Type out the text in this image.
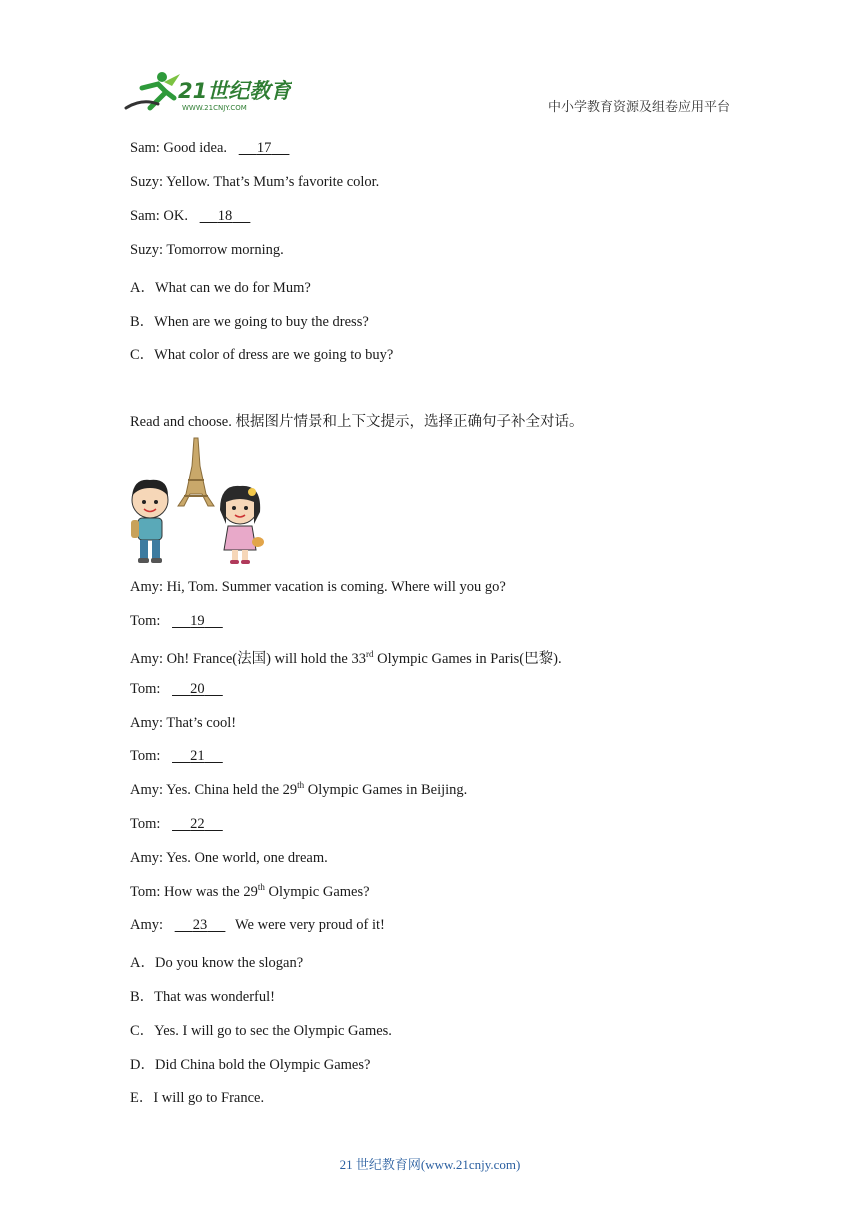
21世纪教育
WWW.21CNJY.COM	中小学教育资源及组卷应用平台
Sam: Good idea. 17
Suzy: Yellow. That’s Mum’s favorite color.
Sam: OK. 18
Suzy: Tomorrow morning.
A．What can we do for Mum?
B．When are we going to buy the dress?
C．What color of dress are we going to buy?
Read and choose. 根据图片情景和上下文提示，选择正确句子补全对话。
Amy: Hi, Tom. Summer vacation is coming. Where will you go?
Tom: 19
Amy: Oh! France(法国) will hold the 33rd Olympic Games in Paris(巴黎).
Tom: 20
Amy: That’s cool!
Tom: 21
Amy: Yes. China held the 29th Olympic Games in Beijing.
Tom: 22
Amy: Yes. One world, one dream.
Tom: How was the 29th Olympic Games?
Amy: 23 We were very proud of it!
A．Do you know the slogan?
B．That was wonderful!
C．Yes. I will go to sec the Olympic Games.
D．Did China bold the Olympic Games?
E．I will go to France.
21 世纪教育网(www.21cnjy.com)
